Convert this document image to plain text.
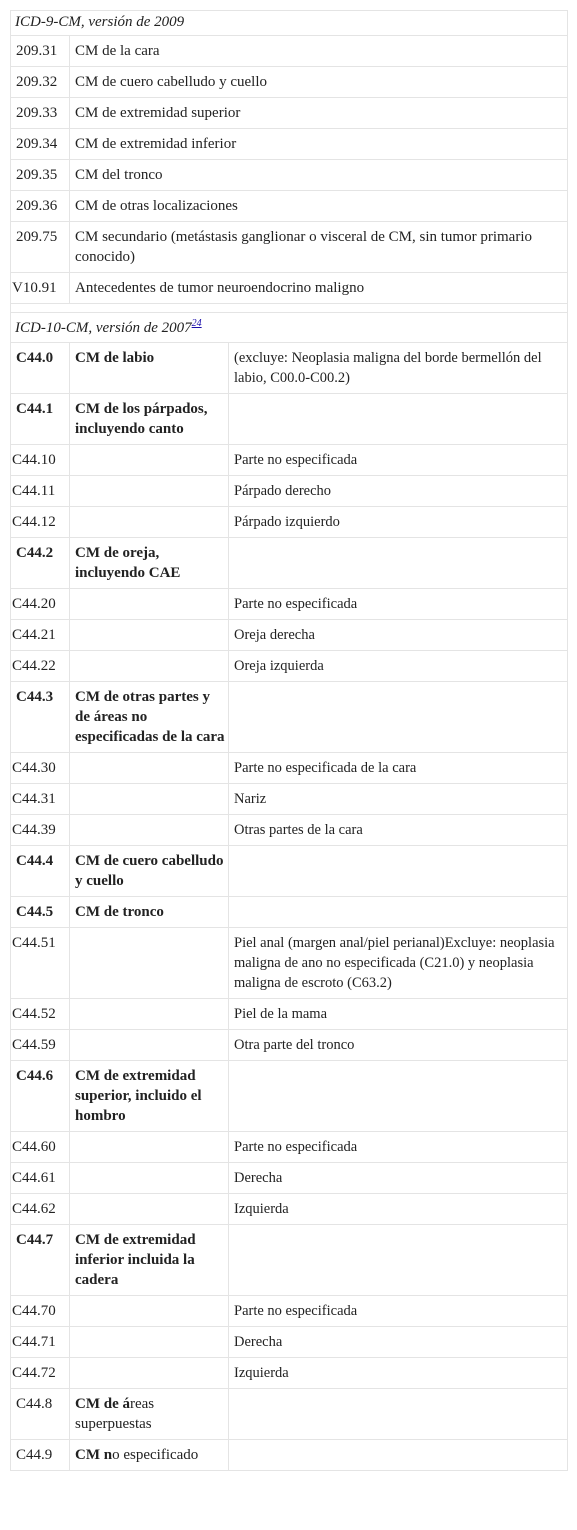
ICD-9-CM, versión de 2009		
209.31	CM de la cara	
209.32	CM de cuero cabelludo y cuello	
209.33	CM de extremidad superior	
209.34	CM de extremidad inferior	
209.35	CM del tronco	
209.36	CM de otras localizaciones	
209.75	CM secundario (metástasis ganglionar o visceral de CM, sin tumor primario conocido)	
V10.91	Antecedentes de tumor neuroendocrino maligno	

ICD-10-CM, versión de 2007$^{24}$
C44.0	CM de labio	(excluye: Neoplasia maligna del borde bermellón del labio, C00.0-C00.2)
C44.1	CM de los párpados, incluyendo canto	
C44.10		Parte no especificada
C44.11		Párpado derecho
C44.12		Párpado izquierdo
C44.2	CM de oreja, incluyendo CAE	
C44.20		Parte no especificada
C44.21		Oreja derecha
C44.22		Oreja izquierda
C44.3	CM de otras partes y de áreas no especificadas de la cara	
C44.30		Parte no especificada de la cara
C44.31		Nariz
C44.39		Otras partes de la cara
C44.4	CM de cuero cabelludo y cuello	
C44.5	CM de tronco	
C44.51		Piel anal (margen anal/piel perianal)Excluye: neoplasia maligna de ano no especificada (C21.0) y neoplasia maligna de escroto (C63.2)
C44.52		Piel de la mama
C44.59		Otra parte del tronco
C44.6	CM de extremidad superior, incluido el hombro	
C44.60		Parte no especificada
C44.61		Derecha
C44.62		Izquierda
C44.7	CM de extremidad inferior incluida la cadera	
C44.70		Parte no especificada
C44.71		Derecha
C44.72		Izquierda
C44.8	CM de áreas superpuestas	
C44.9	CM no especificado	
